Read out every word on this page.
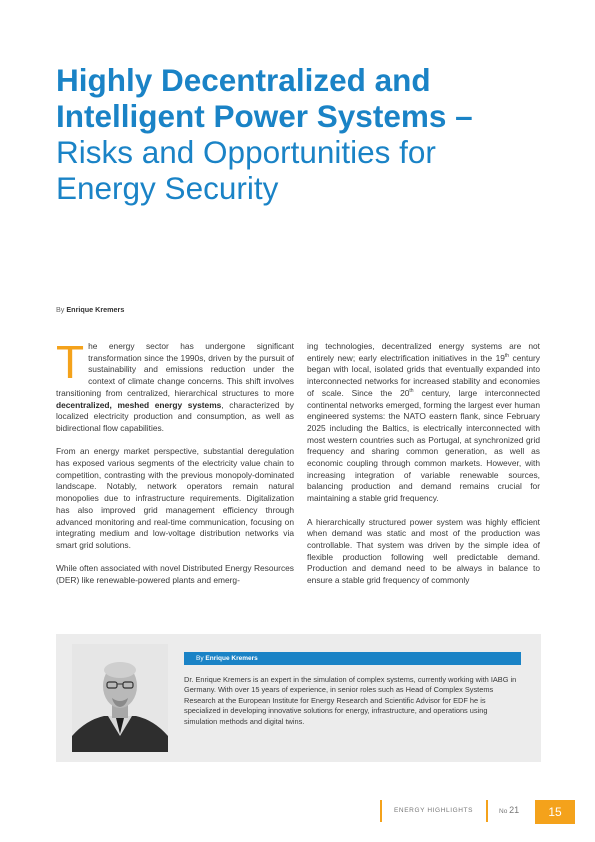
Highly Decentralized and
Intelligent Power Systems –
Risks and Opportunities for
Energy Security
By Enrique Kremers

The energy sector has undergone significant transformation since the 1990s, driven by the pursuit of sustainability and emissions reduction under the context of climate change concerns. This shift involves transitioning from centralized, hierarchical structures to more decentralized, meshed energy systems, characterized by localized electricity production and consumption, as well as bidirectional flow capabilities.

From an energy market perspective, substantial deregulation has exposed various segments of the electricity value chain to competition, contrasting with the previous monopoly-dominated landscape. Notably, network operators remain natural monopolies due to infrastructure requirements. Digitalization has also improved grid management efficiency through advanced monitoring and real-time communication, focusing on integrating medium and low-voltage distribution networks via smart grid solutions.

While often associated with novel Distributed Energy Resources (DER) like renewable-powered plants and emerg-

ing technologies, decentralized energy systems are not entirely new; early electrification initiatives in the 19th century began with local, isolated grids that eventually expanded into interconnected networks for increased stability and economies of scale. Since the 20th century, large interconnected continental networks emerged, forming the largest ever human engineered systems: the NATO eastern flank, since February 2025 including the Baltics, is electrically interconnected with most western countries such as Portugal, at synchronized grid frequency and sharing common generation, as well as economic coupling through common markets. However, with increasing integration of variable renewable sources, balancing production and demand remains crucial for maintaining a stable grid frequency.

A hierarchically structured power system was highly efficient when demand was static and most of the production was controllable. That system was driven by the simple idea of flexible production following well predictable demand. Production and demand need to be always in balance to ensure a stable grid frequency of commonly

By Enrique Kremers
Dr. Enrique Kremers is an expert in the simulation of complex systems, currently working with IABG in Germany. With over 15 years of experience, in senior roles such as Head of Complex Systems Research at the European Institute for Energy Research and Scientific Advisor for EDF he is specialized in developing innovative solutions for energy, infrastructure, and operations using simulation methods and digital twins.
ENERGY HIGHLIGHTS	No 21	15
